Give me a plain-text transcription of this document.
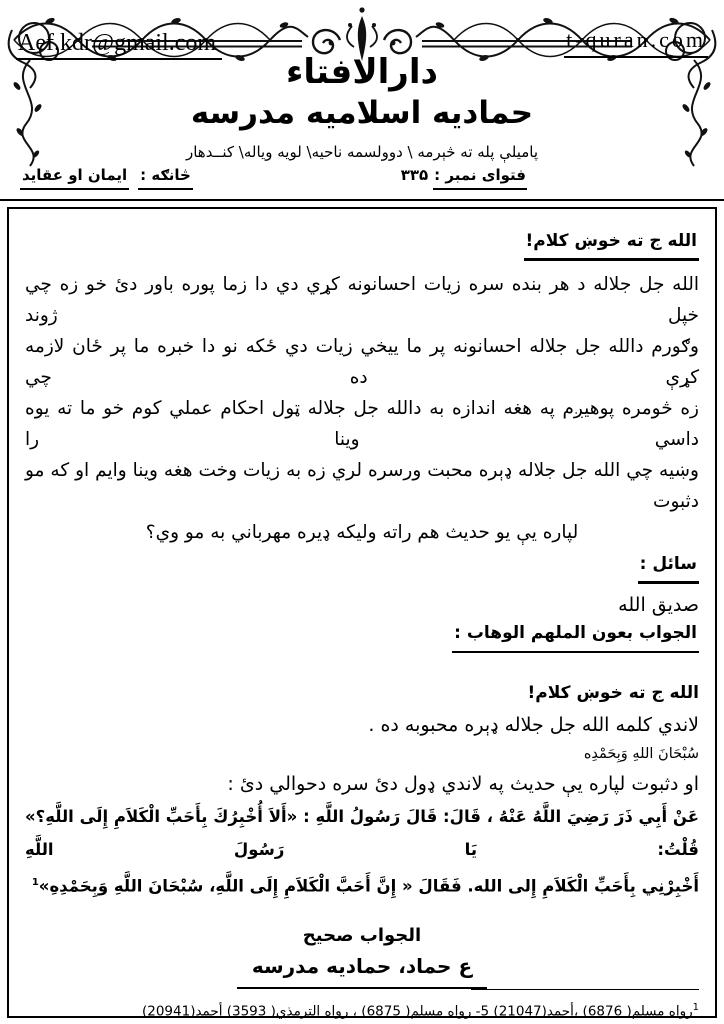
Aef.kdr@gmail.com	t-quran.com
دارالافتاء
حماديه اسلاميه مدرسه
پاميلې پله ته څېرمه \ دوولسمه ناحيه\ لويه وياله\ کنــدهار
فتوای نمبر :۳۳۵
څانګه :ايمان او عقايد
الله ج ته خوښ کلام!
الله جل جلاله د هر بنده سره زيات احسانونه کړي دي دا زما پوره باور دئ خو زه چي خپل ژوند
وګورم دالله جل جلاله احسانونه پر ما ييخي زيات دي ځکه نو دا خبره ما پر ځان لازمه کړې ده چي
زه څومره پوهيږم په هغه اندازه به دالله جل جلاله ټول احکام عملي کوم خو ما ته يوه داسي وينا را
وښيه چي الله جل جلاله ډېره محبت ورسره لري زه به زيات وخت هغه وينا وايم او که مو دثبوت
لپاره يې يو حديث هم راته وليکه ډيره مهرباني به مو وي؟
سائل :
صديق الله
الجواب بعون الملهم الوهاب :
الله ج ته خوښ کلام!
لاندي کلمه الله جل جلاله ډېره محبوبه ده .
سُبْحَانَ اللهِ وَبِحَمْدِه
او دثبوت لپاره يې حديث په لاندي ډول دئ سره دحوالي دئ :
عَنْ أَبِي ذَرَ رَضِيَ اللَّهُ عَنْهُ ، قَالَ: قَالَ رَسُولُ اللَّهِ : «أَلاَ أُخْبِرُكَ بِأَحَبِّ الْكَلاَمِ إِلَى اللَّهِ؟» قُلْتُ: يَا رَسُولَ اللَّهِ
أَخْبِرْنِي بِأَحَبِّ الْكَلاَمِ إِلى الله. فَقَالَ « إِنَّ أَحَبَّ الْكَلاَمِ إِلَى اللَّهِ، سُبْحَانَ اللَّهِ وَبِحَمْدِهِ»$^1$
الجواب صحيح
ع حماد، حماديه مدرسه
$^1$رواه مسلم( 6876) ،أحمد(21047) 5- رواه مسلم( 6875) ، رواه الترمذي( 3593) أحمد(20941)
